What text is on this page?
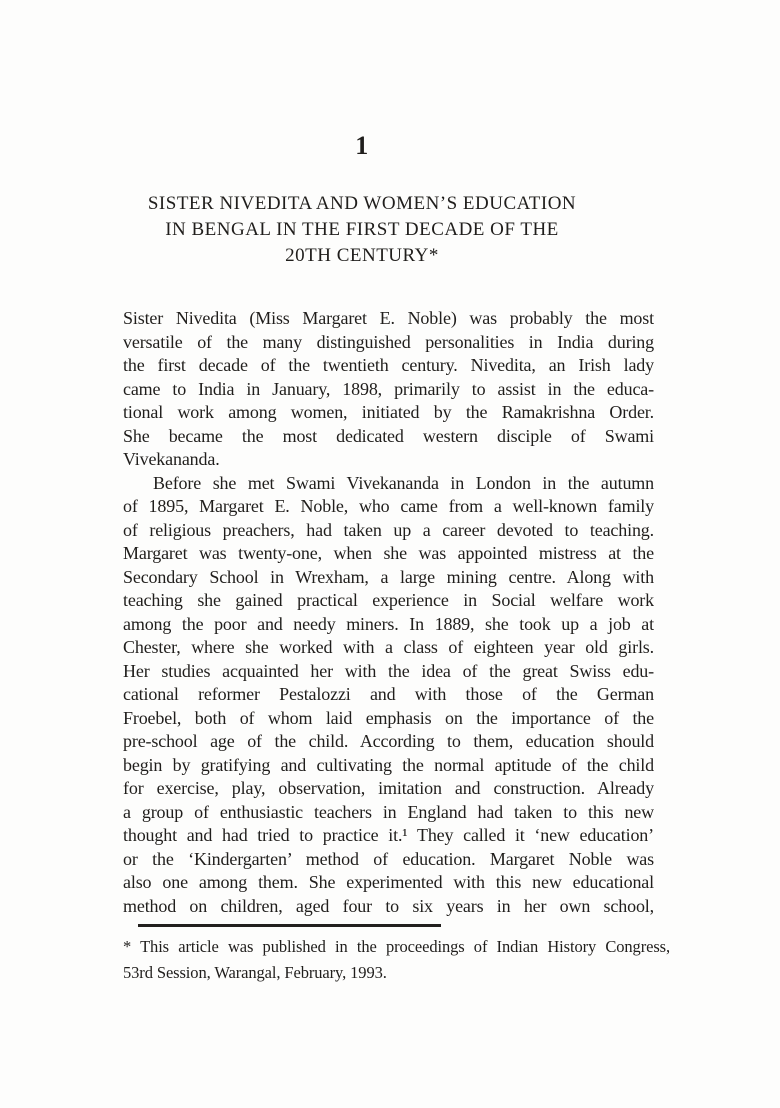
1
SISTER NIVEDITA AND WOMEN’S EDUCATION
IN BENGAL IN THE FIRST DECADE OF THE
20TH CENTURY*
Sister Nivedita (Miss Margaret E. Noble) was probably the most
versatile of the many distinguished personalities in India during
the first decade of the twentieth century. Nivedita, an Irish lady
came to India in January, 1898, primarily to assist in the educa-
tional work among women, initiated by the Ramakrishna Order.
She became the most dedicated western disciple of Swami
Vivekananda.
Before she met Swami Vivekananda in London in the autumn
of 1895, Margaret E. Noble, who came from a well-known family
of religious preachers, had taken up a career devoted to teaching.
Margaret was twenty-one, when she was appointed mistress at the
Secondary School in Wrexham, a large mining centre. Along with
teaching she gained practical experience in Social welfare work
among the poor and needy miners. In 1889, she took up a job at
Chester, where she worked with a class of eighteen year old girls.
Her studies acquainted her with the idea of the great Swiss edu-
cational reformer Pestalozzi and with those of the German
Froebel, both of whom laid emphasis on the importance of the
pre-school age of the child. According to them, education should
begin by gratifying and cultivating the normal aptitude of the child
for exercise, play, observation, imitation and construction. Already
a group of enthusiastic teachers in England had taken to this new
thought and had tried to practice it.¹ They called it ‘new education’
or the ‘Kindergarten’ method of education. Margaret Noble was
also one among them. She experimented with this new educational
method on children, aged four to six years in her own school,
* This article was published in the proceedings of Indian History Congress,
53rd Session, Warangal, February, 1993.
